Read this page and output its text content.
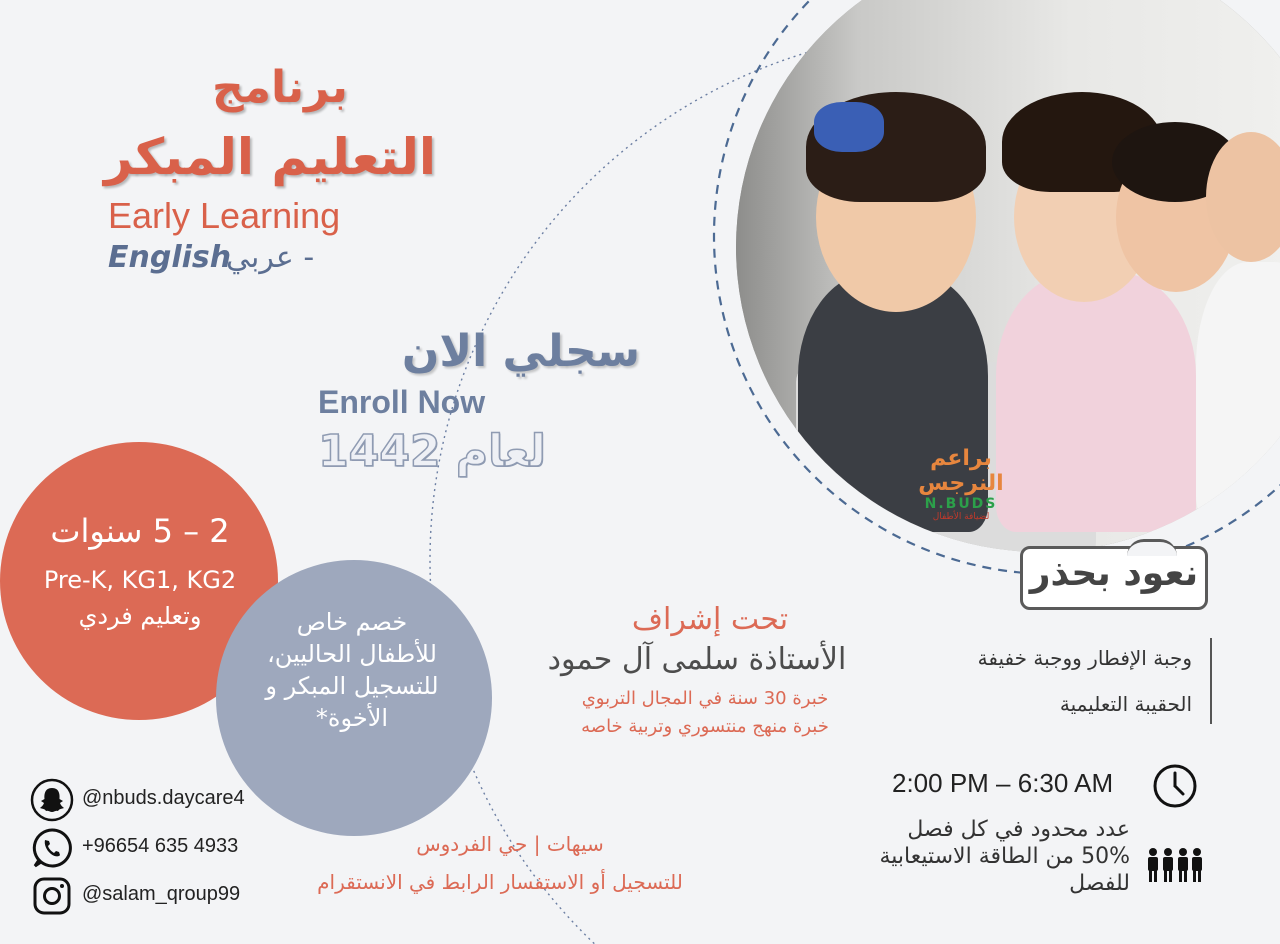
برنامج
التعليم المبكر
Early Learning
English
- عربي
سجلي الان
Enroll Now
لعام 1442	براعم النرجس
N.BUDS
لضيافة الأطفال
2 – 5 سنوات
Pre-K, KG1, KG2
وتعليم فردي	خصم خاص
للأطفال الحاليين،
للتسجيل المبكر و
الأخوة*
تحت إشراف
الأستاذة سلمى آل حمود
خبرة 30 سنة في المجال التربوي
خبرة منهج منتسوري وتربية خاصه
نعود بحذر
وجبة الإفطار ووجبة خفيفة
الحقيبة التعليمية
2:00 PM – 6:30 AM
عدد محدود في كل فصل
50% من الطاقة الاستيعابية
للفصل
@nbuds.daycare4
+96654 635 4933
@salam_qroup99
سيهات | حي الفردوس
للتسجيل أو الاستفسار الرابط في الانستقرام
